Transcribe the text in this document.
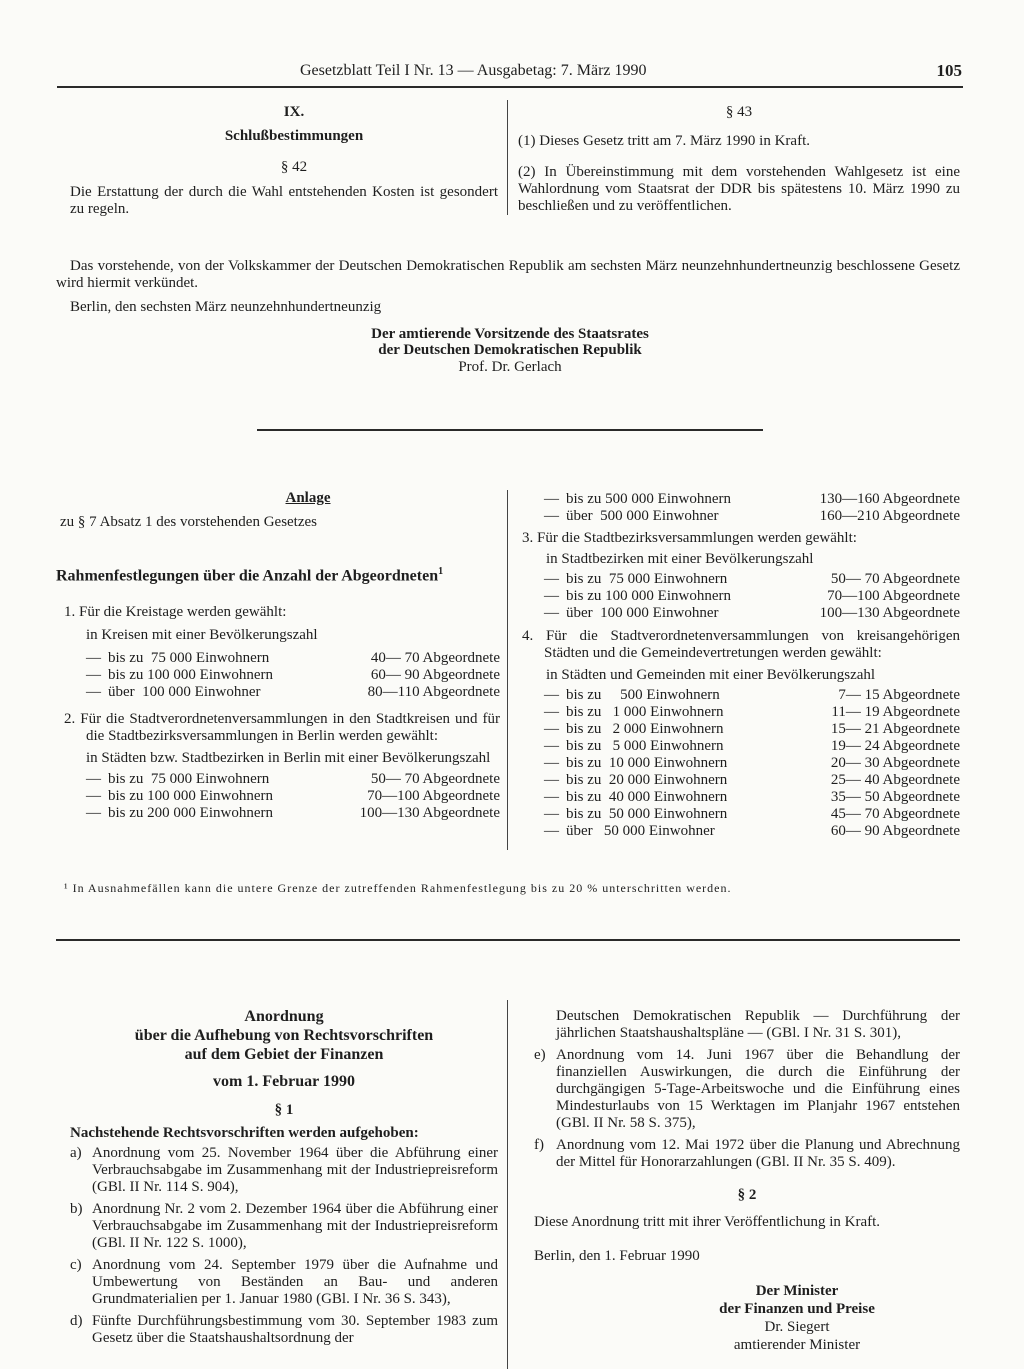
Gesetzblatt Teil I Nr. 13 — Ausgabetag: 7. März 1990	105
IX.
Schlußbestimmungen
§ 42
Die Erstattung der durch die Wahl entstehenden Kosten ist gesondert zu regeln.
§ 43
(1) Dieses Gesetz tritt am 7. März 1990 in Kraft.
(2) In Übereinstimmung mit dem vorstehenden Wahlgesetz ist eine Wahlordnung vom Staatsrat der DDR bis spätestens 10. März 1990 zu beschließen und zu veröffentlichen.
Das vorstehende, von der Volkskammer der Deutschen Demokratischen Republik am sechsten März neunzehnhundertneunzig beschlossene Gesetz wird hiermit verkündet.
Berlin, den sechsten März neunzehnhundertneunzig
Der amtierende Vorsitzende des Staatsrates
der Deutschen Demokratischen Republik
Prof. Dr. Gerlach
Anlage
zu § 7 Absatz 1 des vorstehenden Gesetzes
Rahmenfestlegungen über die Anzahl der Abgeordneten$^1$
1. Für die Kreistage werden gewählt:
in Kreisen mit einer Bevölkerungszahl
— bis zu  75 000 Einwohnern	40— 70 Abgeordnete
— bis zu 100 000 Einwohnern	60— 90 Abgeordnete
— über  100 000 Einwohner	80—110 Abgeordnete
2. Für die Stadtverordnetenversammlungen in den Stadtkreisen und für die Stadtbezirksversammlungen in Berlin werden gewählt:
in Städten bzw. Stadtbezirken in Berlin mit einer Bevölkerungszahl
— bis zu  75 000 Einwohnern	50— 70 Abgeordnete
— bis zu 100 000 Einwohnern	70—100 Abgeordnete
— bis zu 200 000 Einwohnern	100—130 Abgeordnete
— bis zu 500 000 Einwohnern	130—160 Abgeordnete
— über  500 000 Einwohner	160—210 Abgeordnete
3. Für die Stadtbezirksversammlungen werden gewählt:
in Stadtbezirken mit einer Bevölkerungszahl
— bis zu  75 000 Einwohnern	50— 70 Abgeordnete
— bis zu 100 000 Einwohnern	70—100 Abgeordnete
— über  100 000 Einwohner	100—130 Abgeordnete
4. Für die Stadtverordnetenversammlungen von kreisangehörigen Städten und die Gemeindevertretungen werden gewählt:
in Städten und Gemeinden mit einer Bevölkerungszahl
— bis zu     500 Einwohnern	7— 15 Abgeordnete
— bis zu   1 000 Einwohnern	11— 19 Abgeordnete
— bis zu   2 000 Einwohnern	15— 21 Abgeordnete
— bis zu   5 000 Einwohnern	19— 24 Abgeordnete
— bis zu  10 000 Einwohnern	20— 30 Abgeordnete
— bis zu  20 000 Einwohnern	25— 40 Abgeordnete
— bis zu  40 000 Einwohnern	35— 50 Abgeordnete
— bis zu  50 000 Einwohnern	45— 70 Abgeordnete
— über   50 000 Einwohner	60— 90 Abgeordnete
¹ In Ausnahmefällen kann die untere Grenze der zutreffenden Rahmenfestlegung bis zu 20 % unterschritten werden.
Anordnung
über die Aufhebung von Rechtsvorschriften
auf dem Gebiet der Finanzen
vom 1. Februar 1990
§ 1
Nachstehende Rechtsvorschriften werden aufgehoben:
a) Anordnung vom 25. November 1964 über die Abführung einer Verbrauchsabgabe im Zusammenhang mit der Industriepreisreform (GBl. II Nr. 114 S. 904),
b) Anordnung Nr. 2 vom 2. Dezember 1964 über die Abführung einer Verbrauchsabgabe im Zusammenhang mit der Industriepreisreform (GBl. II Nr. 122 S. 1000),
c) Anordnung vom 24. September 1979 über die Aufnahme und Umbewertung von Beständen an Bau- und anderen Grundmaterialien per 1. Januar 1980 (GBl. I Nr. 36 S. 343),
d) Fünfte Durchführungsbestimmung vom 30. September 1983 zum Gesetz über die Staatshaushaltsordnung der
Deutschen Demokratischen Republik — Durchführung der jährlichen Staatshaushaltspläne — (GBl. I Nr. 31 S. 301),
e) Anordnung vom 14. Juni 1967 über die Behandlung der finanziellen Auswirkungen, die durch die Einführung der durchgängigen 5-Tage-Arbeitswoche und die Einführung eines Mindesturlaubs von 15 Werktagen im Planjahr 1967 entstehen (GBl. II Nr. 58 S. 375),
f) Anordnung vom 12. Mai 1972 über die Planung und Abrechnung der Mittel für Honorarzahlungen (GBl. II Nr. 35 S. 409).
§ 2
Diese Anordnung tritt mit ihrer Veröffentlichung in Kraft.
Berlin, den 1. Februar 1990
Der Minister
der Finanzen und Preise
Dr. Siegert
amtierender Minister
